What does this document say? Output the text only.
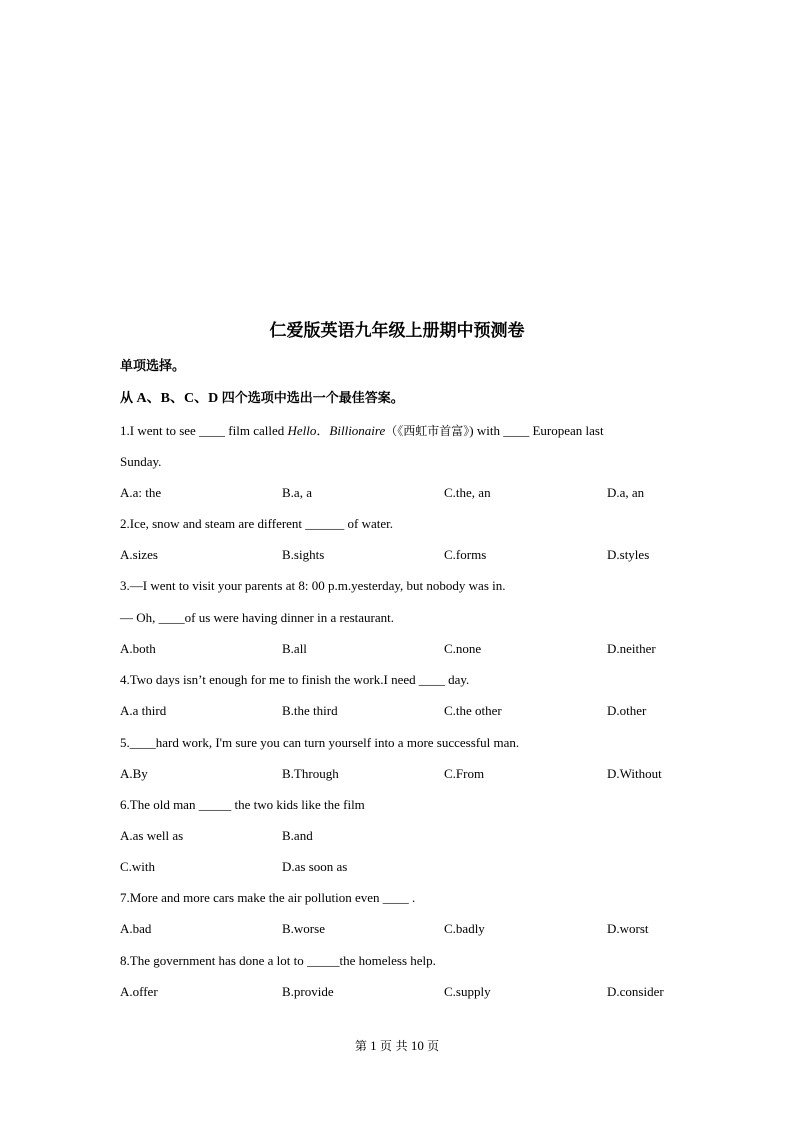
仁爱版英语九年级上册期中预测卷
单项选择。
从 A、B、C、D 四个选项中选出一个最佳答案。
1.I went to see ____ film called Hello．Billionaire（《西虹市首富》) with ____ European last
Sunday.
A.a: the	B.a, a	C.the, an	D.a, an
2.Ice, snow and steam are different ______ of water.
A.sizes	B.sights	C.forms	D.styles
3.—I went to visit your parents at 8: 00 p.m.yesterday, but nobody was in.
— Oh, ____of us were having dinner in a restaurant.
A.both	B.all	C.none	D.neither
4.Two days isn’t enough for me to finish the work.I need ____ day.
A.a third	B.the third	C.the other	D.other
5.____hard work, I'm sure you can turn yourself into a more successful man.
A.By	B.Through	C.From	D.Without
6.The old man _____ the two kids like the film
A.as well as	B.and
C.with	D.as soon as
7.More and more cars make the air pollution even ____ .
A.bad	B.worse	C.badly	D.worst
8.The government has done a lot to _____the homeless help.
A.offer	B.provide	C.supply	D.consider
第 1 页 共 10 页
